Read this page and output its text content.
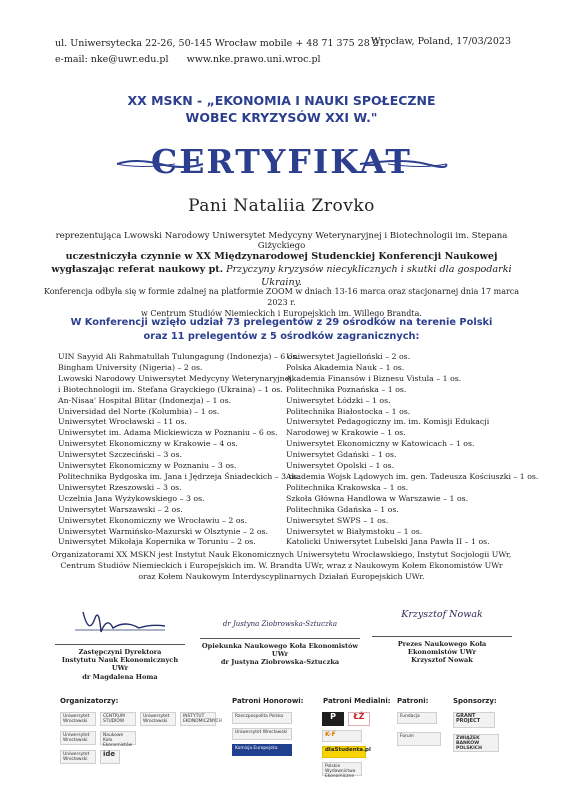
ul. Uniwersytecka 22-26, 50-145 Wrocław mobile + 48 71 375 28 21,
e-mail: nke@uwr.edu.pl      www.nke.prawo.uni.wroc.pl
Wrocław, Poland, 17/03/2023
XX MSKN - „EKONOMIA I NAUKI SPOŁECZNE
WOBEC KRYZYSÓW XXI W."
CERTYFIKAT
Pani Nataliia Zrovko
reprezentująca Lwowski Narodowy Uniwersytet Medycyny Weterynaryjnej i Biotechnologii im. Stepana Giżyckiego
uczestniczyła czynnie w XX Międzynarodowej Studenckiej Konferencji Naukowej wygłaszając referat naukowy pt. Przyczyny kryzysów niecyklicznych i skutki dla gospodarki Ukrainy.
Konferencja odbyła się w formie zdalnej na platformie ZOOM w dniach 13-16 marca oraz stacjonarnej dnia 17 marca 2023 r.
w Centrum Studiów Niemieckich i Europejskich im. Willego Brandta.
W Konferencji wzięło udział 73 prelegentów z 29 ośrodków na terenie Polski
oraz 11 prelegentów z 5 ośrodków zagranicznych:
UIN Sayyid Ali Rahmatullah Tulungagung (Indonezja) – 6 os.
Bingham University (Nigeria) – 2 os.
Lwowski Narodowy Uniwersytet Medycyny Weterynaryjnej
i Biotechnologii im. Stefana Grayckiego (Ukraina) – 1 os.
An-Nisaa' Hospital Blitar (Indonezja) – 1 os.
Universidad del Norte (Kolumbia) – 1 os.
Uniwersytet Wrocławski – 11 os.
Uniwersytet im. Adama Mickiewicza w Poznaniu – 6 os.
Uniwersytet Ekonomiczny w Krakowie – 4 os.
Uniwersytet Szczeciński – 3 os.
Uniwersytet Ekonomiczny w Poznaniu – 3 os.
Politechnika Bydgoska im. Jana i Jędrzeja Śniadeckich – 3 os.
Uniwersytet Rzeszowski – 3 os.
Uczelnia Jana Wyżykowskiego – 3 os.
Uniwersytet Warszawski – 2 os.
Uniwersytet Ekonomiczny we Wrocławiu – 2 os.
Uniwersytet Warmińsko-Mazurski w Olsztynie – 2 os.
Uniwersytet Mikołaja Kopernika w Toruniu – 2 os.
Uniwersytet Jagielloński – 2 os.
Polska Akademia Nauk – 1 os.
Akademia Finansów i Biznesu Vistula – 1 os.
Politechnika Poznańska – 1 os.
Uniwersytet Łódzki – 1 os.
Politechnika Białostocka – 1 os.
Uniwersytet Pedagogiczny im. im. Komisji Edukacji
Narodowej w Krakowie – 1 os.
Uniwersytet Ekonomiczny w Katowicach – 1 os.
Uniwersytet Gdański – 1 os.
Uniwersytet Opolski – 1 os.
Akademia Wojsk Lądowych im. gen. Tadeusza Kościuszki – 1 os.
Politechnika Krakowska – 1 os.
Szkoła Główna Handlowa w Warszawie – 1 os.
Politechnika Gdańska – 1 os.
Uniwersytet SWPS – 1 os.
Uniwersytet w Białymstoku – 1 os.
Katolicki Uniwersytet Lubelski Jana Pawła II – 1 os.
Organizatorami XX MSKN jest Instytut Nauk Ekonomicznych Uniwersytetu Wrocławskiego, Instytut Socjologii UWr,
Centrum Studiów Niemieckich i Europejskich im. W. Brandta UWr, wraz z Naukowym Kołem Ekonomistów UWr
oraz Kołem Naukowym Interdyscyplinarnych Działań Europejskich UWr.
Zastępczyni Dyrektora
Instytutu Nauk Ekonomicznych UWr
dr Magdalena Homa
dr Justyna Ziobrowska-Sztuczka
Opiekunka Naukowego Koła Ekonomistów UWr
dr Justyna Ziobrowska-Sztuczka
Krzysztof Nowak
Prezes Naukowego Koła Ekonomistów UWr
Krzysztof Nowak
Organizatorzy:	Patroni Honorowi:	Patroni Medialni: Patroni:	Sponsorzy:
Uniwersytet Wrocławski
CENTRUM STUDIÓW
Uniwersytet Wrocławski
INSTYTUT EKONOMICZNYCH
Uniwersytet Wrocławski
Naukowe Koło Ekonomistów
Uniwersytet Wrocławski
ide
Rzeczpospolita Polska
Uniwersytet Wrocławski
Komisja Europejska
P	ŁŻ
K-F
dlaStudenta.pl
Polskie Wydawnictwa Ekonomiczne
Fundacja
Forum
GRANT PROJECT
ZWIĄZEK BANKÓW POLSKICH
